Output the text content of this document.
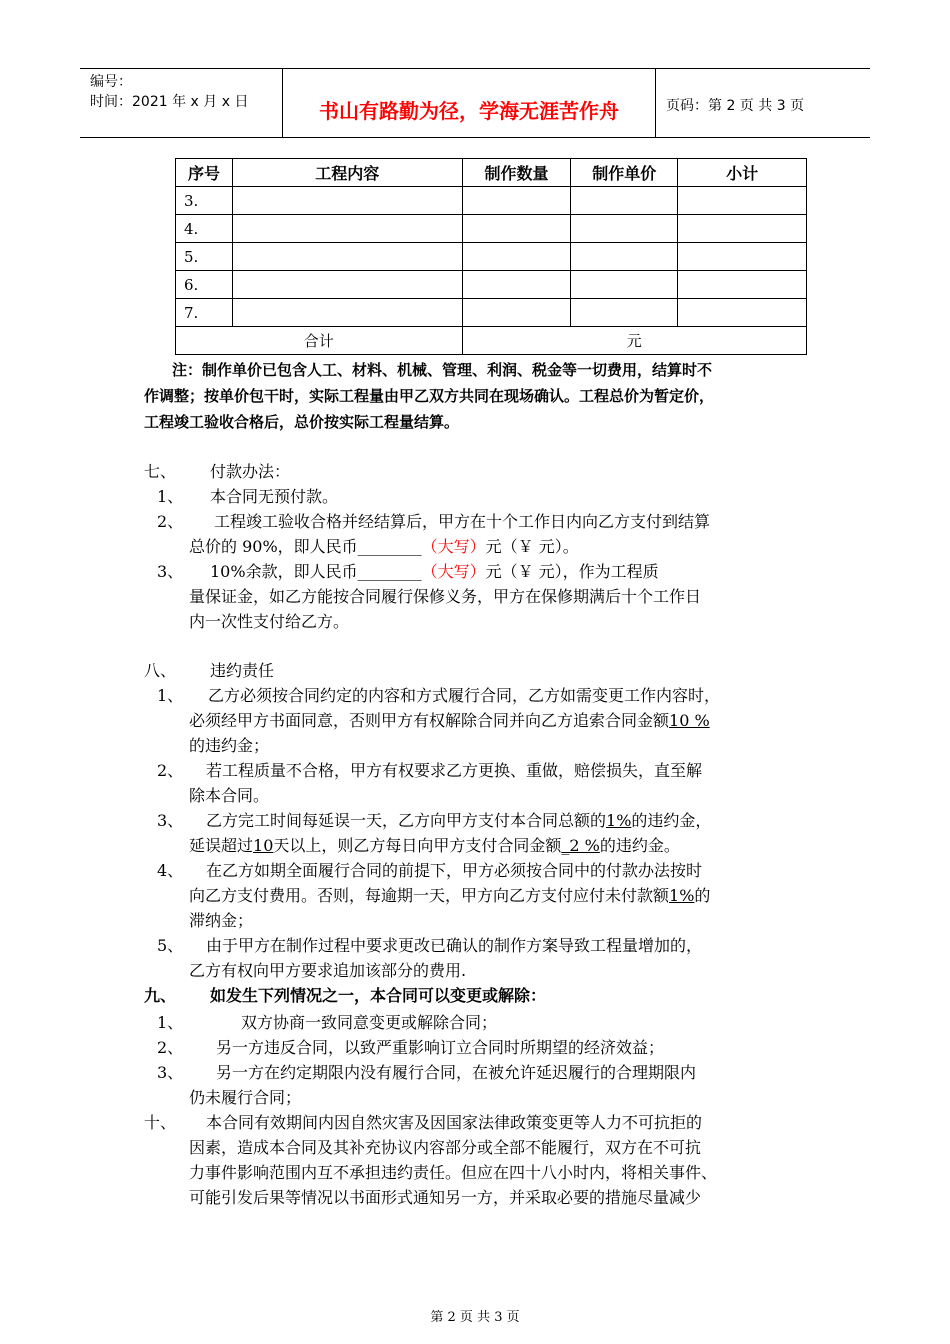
编号：
时间：2021 年 x 月 x 日	书山有路勤为径，学海无涯苦作舟	页码：第 2 页 共 3 页
序号	工程内容	制作数量	制作单价	小计
3.				
4.				
5.				
6.				
7.				
合计		元		
注：制作单价已包含人工、材料、机械、管理、利润、税金等一切费用，结算时不
作调整；按单价包干时，实际工程量由甲乙双方共同在现场确认。工程总价为暂定价，
工程竣工验收合格后，总价按实际工程量结算。
七、 付款办法：
1、 本合同无预付款。
2、 工程竣工验收合格并经结算后，甲方在十个工作日内向乙方支付到结算
总价的 90%，即人民币________（大写）元（￥ 元）。
3、 10%余款，即人民币________（大写）元（￥ 元），作为工程质
量保证金，如乙方能按合同履行保修义务，甲方在保修期满后十个工作日
内一次性支付给乙方。
八、 违约责任
1、 乙方必须按合同约定的内容和方式履行合同，乙方如需变更工作内容时，
必须经甲方书面同意，否则甲方有权解除合同并向乙方追索合同金额10 %
的违约金；
2、 若工程质量不合格，甲方有权要求乙方更换、重做，赔偿损失，直至解
除本合同。
3、 乙方完工时间每延误一天，乙方向甲方支付本合同总额的1%的违约金，
延误超过10天以上，则乙方每日向甲方支付合同金额_2 %的违约金。
4、 在乙方如期全面履行合同的前提下，甲方必须按合同中的付款办法按时
向乙方支付费用。否则，每逾期一天，甲方向乙方支付应付未付款额1%的
滞纳金；
5、 由于甲方在制作过程中要求更改已确认的制作方案导致工程量增加的，
乙方有权向甲方要求追加该部分的费用.
九、 如发生下列情况之一，本合同可以变更或解除：
1、	双方协商一致同意变更或解除合同；
2、 另一方违反合同，以致严重影响订立合同时所期望的经济效益；
3、 另一方在约定期限内没有履行合同，在被允许延迟履行的合理期限内
仍未履行合同；
十、 本合同有效期间内因自然灾害及因国家法律政策变更等人力不可抗拒的
因素，造成本合同及其补充协议内容部分或全部不能履行，双方在不可抗
力事件影响范围内互不承担违约责任。但应在四十八小时内，将相关事件、
可能引发后果等情况以书面形式通知另一方，并采取必要的措施尽量减少
第 2 页 共 3 页
